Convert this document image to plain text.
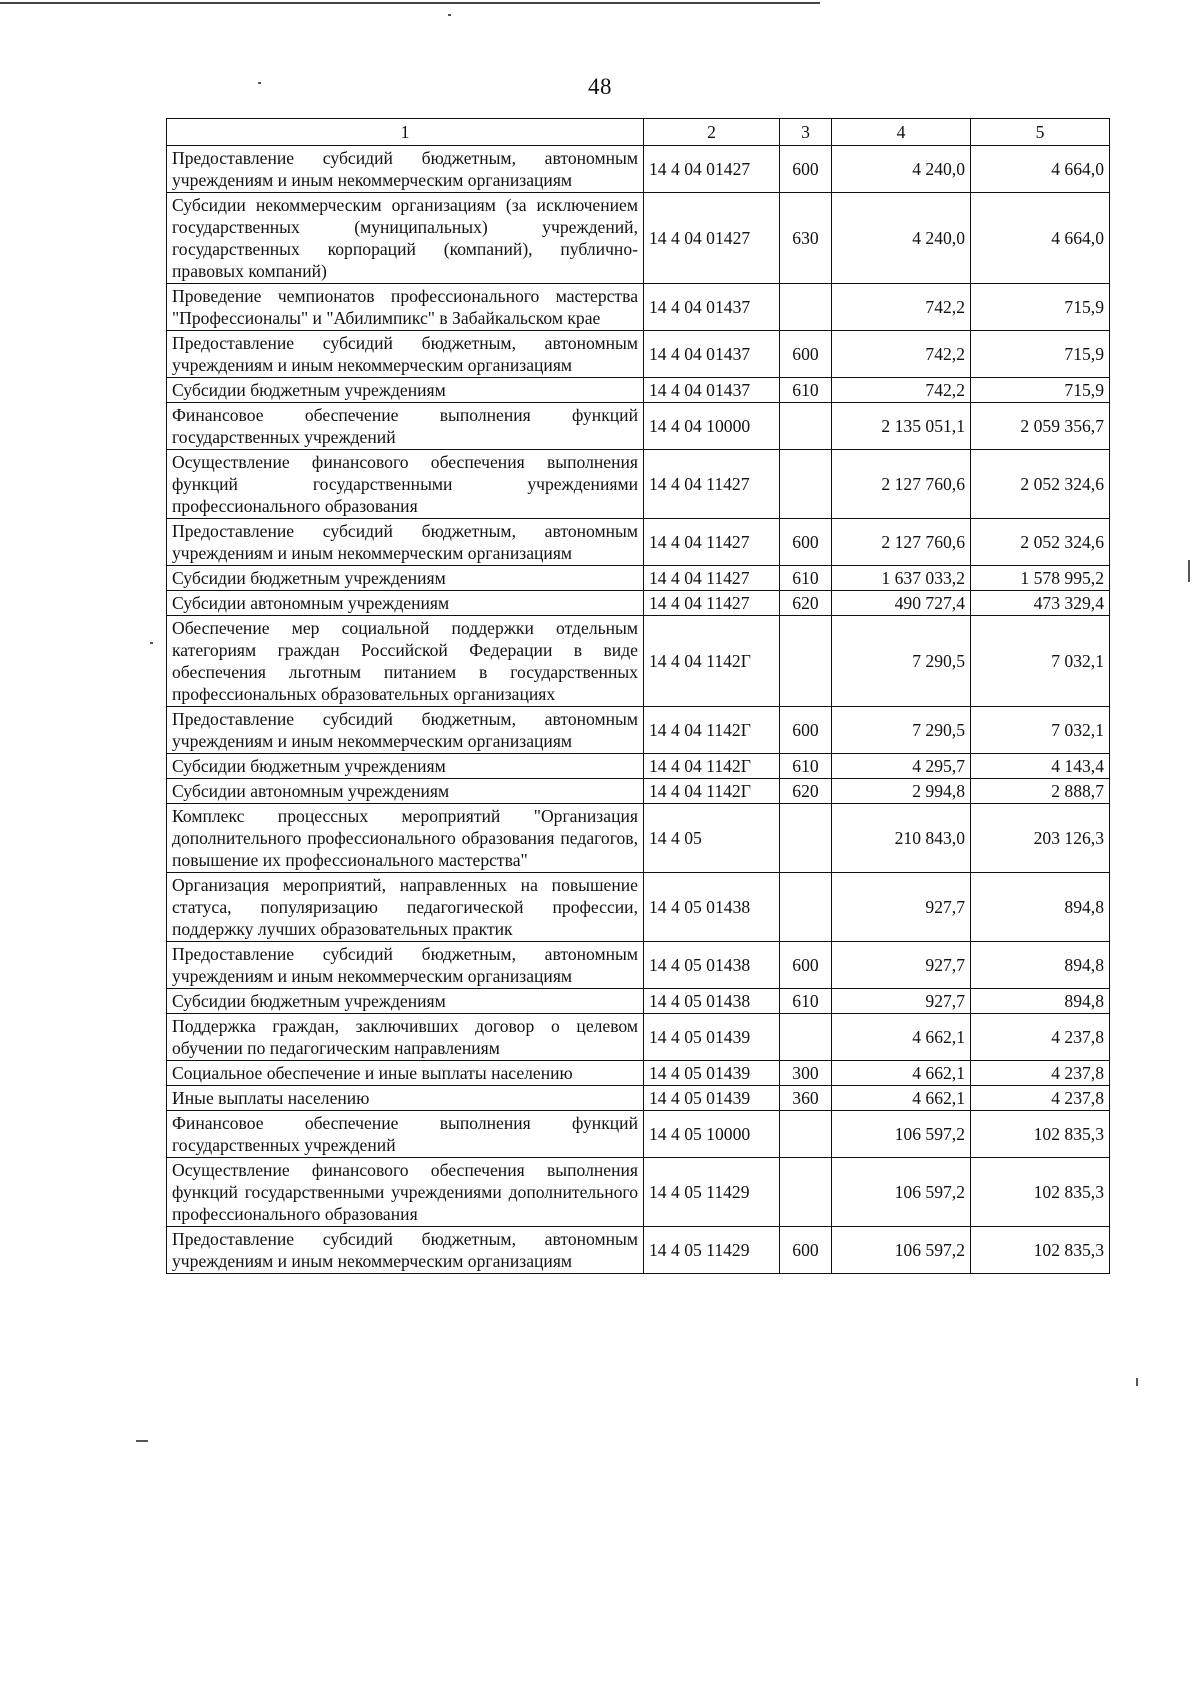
48
1	2	3	4	5
Предоставление субсидий бюджетным, автономным учреждениям и иным некоммерческим организациям	14 4 04 01427	600	4 240,0	4 664,0
Субсидии некоммерческим организациям (за исключением государственных (муниципальных) учреждений, государственных корпораций (компаний), публично-правовых компаний)	14 4 04 01427	630	4 240,0	4 664,0
Проведение чемпионатов профессионального мастерства "Профессионалы" и "Абилимпикс" в Забайкальском крае	14 4 04 01437		742,2	715,9
Предоставление субсидий бюджетным, автономным учреждениям и иным некоммерческим организациям	14 4 04 01437	600	742,2	715,9
Субсидии бюджетным учреждениям	14 4 04 01437	610	742,2	715,9
Финансовое обеспечение выполнения функций государственных учреждений	14 4 04 10000		2 135 051,1	2 059 356,7
Осуществление финансового обеспечения выполнения функций государственными учреждениями профессионального образования	14 4 04 11427		2 127 760,6	2 052 324,6
Предоставление субсидий бюджетным, автономным учреждениям и иным некоммерческим организациям	14 4 04 11427	600	2 127 760,6	2 052 324,6
Субсидии бюджетным учреждениям	14 4 04 11427	610	1 637 033,2	1 578 995,2
Субсидии автономным учреждениям	14 4 04 11427	620	490 727,4	473 329,4
Обеспечение мер социальной поддержки отдельным категориям граждан Российской Федерации в виде обеспечения льготным питанием в государственных профессиональных образовательных организациях	14 4 04 1142Г		7 290,5	7 032,1
Предоставление субсидий бюджетным, автономным учреждениям и иным некоммерческим организациям	14 4 04 1142Г	600	7 290,5	7 032,1
Субсидии бюджетным учреждениям	14 4 04 1142Г	610	4 295,7	4 143,4
Субсидии автономным учреждениям	14 4 04 1142Г	620	2 994,8	2 888,7
Комплекс процессных мероприятий "Организация дополнительного профессионального образования педагогов, повышение их профессионального мастерства"	14 4 05		210 843,0	203 126,3
Организация мероприятий, направленных на повышение статуса, популяризацию педагогической профессии, поддержку лучших образовательных практик	14 4 05 01438		927,7	894,8
Предоставление субсидий бюджетным, автономным учреждениям и иным некоммерческим организациям	14 4 05 01438	600	927,7	894,8
Субсидии бюджетным учреждениям	14 4 05 01438	610	927,7	894,8
Поддержка граждан, заключивших договор о целевом обучении по педагогическим направлениям	14 4 05 01439		4 662,1	4 237,8
Социальное обеспечение и иные выплаты населению	14 4 05 01439	300	4 662,1	4 237,8
Иные выплаты населению	14 4 05 01439	360	4 662,1	4 237,8
Финансовое обеспечение выполнения функций государственных учреждений	14 4 05 10000		106 597,2	102 835,3
Осуществление финансового обеспечения выполнения функций государственными учреждениями дополнительного профессионального образования	14 4 05 11429		106 597,2	102 835,3
Предоставление субсидий бюджетным, автономным учреждениям и иным некоммерческим организациям	14 4 05 11429	600	106 597,2	102 835,3
